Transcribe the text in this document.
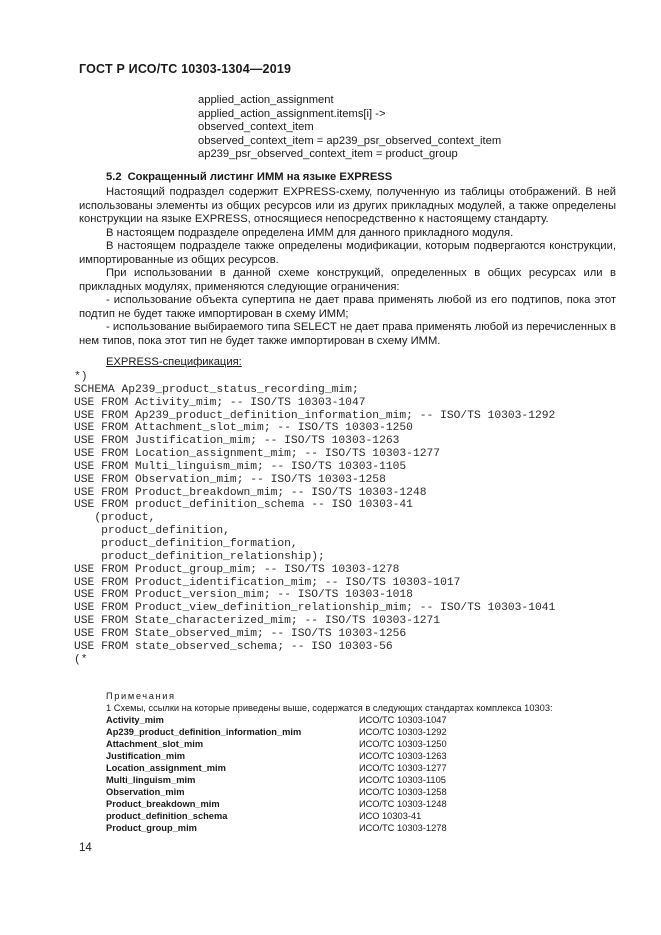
ГОСТ Р ИСО/ТС 10303-1304—2019
applied_action_assignment
applied_action_assignment.items[i] ->
observed_context_item
observed_context_item = ap239_psr_observed_context_item
ap239_psr_observed_context_item = product_group
5.2 Сокращенный листинг ИММ на языке EXPRESS

Настоящий подраздел содержит EXPRESS-схему, полученную из таблицы отображений. В ней использованы элементы из общих ресурсов или из других прикладных модулей, а также определены конструкции на языке EXPRESS, относящиеся непосредственно к настоящему стандарту.

В настоящем подразделе определена ИММ для данного прикладного модуля.

В настоящем подразделе также определены модификации, которым подвергаются конструкции, импортированные из общих ресурсов.

При использовании в данной схеме конструкций, определенных в общих ресурсах или в прикладных модулях, применяются следующие ограничения:

- использование объекта супертипа не дает права применять любой из его подтипов, пока этот подтип не будет также импортирован в схему ИММ;

- использование выбираемого типа SELECT не дает права применять любой из перечисленных в нем типов, пока этот тип не будет также импортирован в схему ИММ.

EXPRESS-спецификация:
*)
SCHEMA Ap239_product_status_recording_mim;
USE FROM Activity_mim; -- ISO/TS 10303-1047
USE FROM Ap239_product_definition_information_mim; -- ISO/TS 10303-1292
USE FROM Attachment_slot_mim; -- ISO/TS 10303-1250
USE FROM Justification_mim; -- ISO/TS 10303-1263
USE FROM Location_assignment_mim; -- ISO/TS 10303-1277
USE FROM Multi_linguism_mim; -- ISO/TS 10303-1105
USE FROM Observation_mim; -- ISO/TS 10303-1258
USE FROM Product_breakdown_mim; -- ISO/TS 10303-1248
USE FROM product_definition_schema -- ISO 10303-41
(product,
product_definition,
product_definition_formation,
product_definition_relationship);
USE FROM Product_group_mim; -- ISO/TS 10303-1278
USE FROM Product_identification_mim; -- ISO/TS 10303-1017
USE FROM Product_version_mim; -- ISO/TS 10303-1018
USE FROM Product_view_definition_relationship_mim; -- ISO/TS 10303-1041
USE FROM State_characterized_mim; -- ISO/TS 10303-1271
USE FROM State_observed_mim; -- ISO/TS 10303-1256
USE FROM state_observed_schema; -- ISO 10303-56
(*
Примечания
1 Схемы, ссылки на которые приведены выше, содержатся в следующих стандартах комплекса 10303:
Activity_mim	ИСО/ТС 10303-1047
Ap239_product_definition_information_mim	ИСО/ТС 10303-1292
Attachment_slot_mim	ИСО/ТС 10303-1250
Justification_mim	ИСО/ТС 10303-1263
Location_assignment_mim	ИСО/ТС 10303-1277
Multi_linguism_mim	ИСО/ТС 10303-1105
Observation_mim	ИСО/ТС 10303-1258
Product_breakdown_mim	ИСО/ТС 10303-1248
product_definition_schema	ИСО 10303-41
Product_group_mim	ИСО/ТС 10303-1278
14
